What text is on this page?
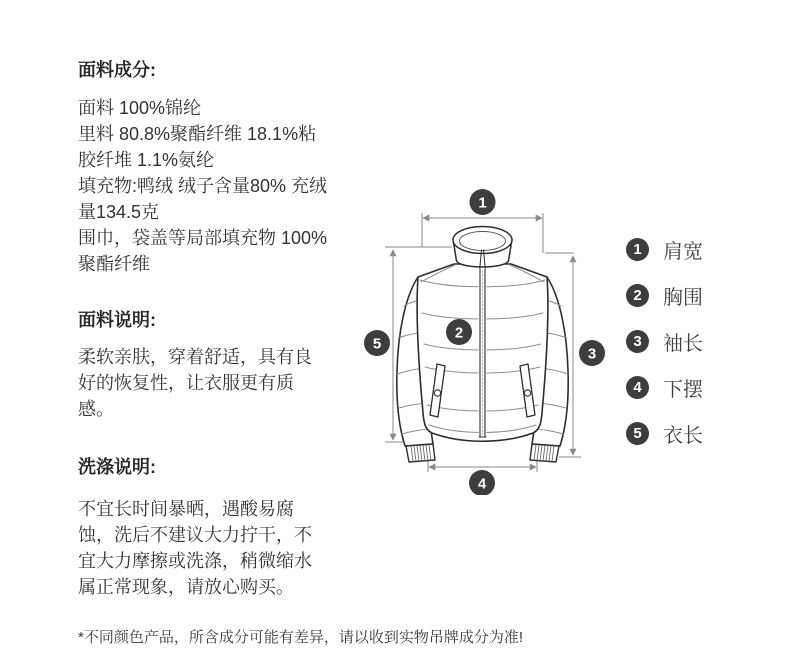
面料成分:
面料 100%锦纶
里料 80.8%聚酯纤维 18.1%粘
胶纤堆 1.1%氨纶
填充物:鸭绒 绒子含量80% 充绒
量134.5克
围巾，袋盖等局部填充物 100%
聚酯纤维
面料说明:
柔软亲肤，穿着舒适，具有良
好的恢复性，让衣服更有质
感。
洗涤说明:
不宜长时间暴晒，遇酸易腐
蚀，洗后不建议大力拧干，不
宜大力摩擦或洗涤，稍微缩水
属正常现象，请放心购买。
1
2
3
4
5
1	肩宽
2	胸围
3	袖长
4	下摆
5	衣长
*不同颜色产品，所含成分可能有差异，请以收到实物吊牌成分为准!
